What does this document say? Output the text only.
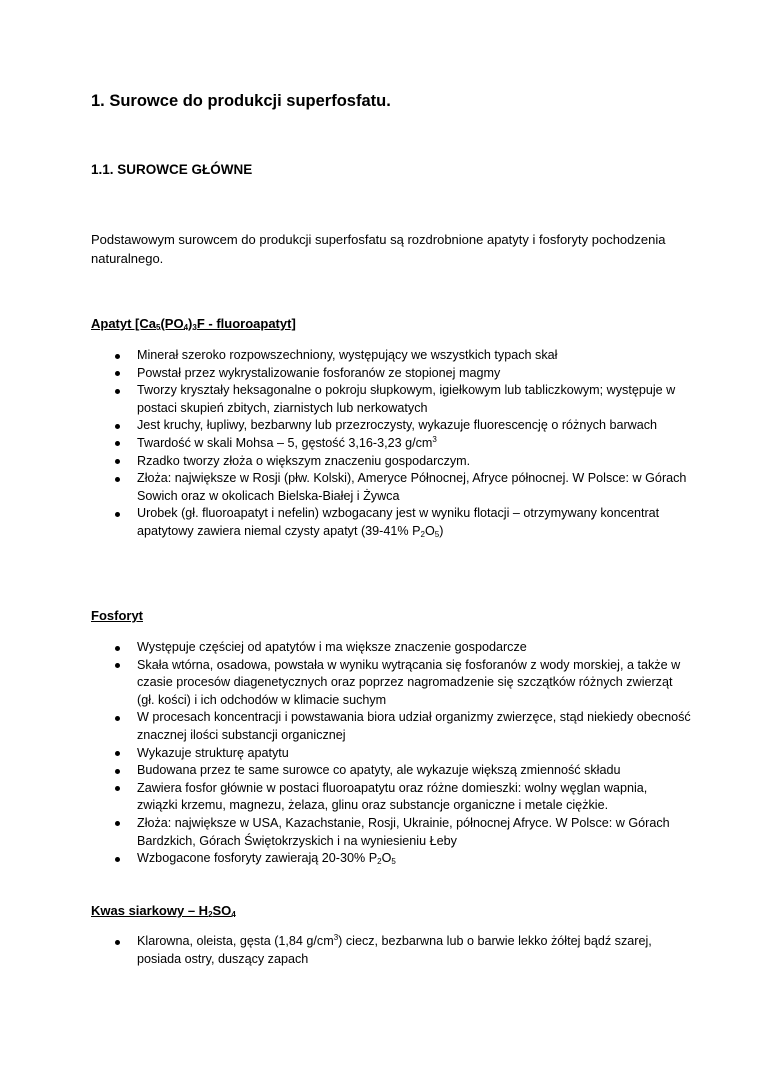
1. Surowce do produkcji superfosfatu.
1.1. SUROWCE GŁÓWNE
Podstawowym surowcem do produkcji superfosfatu są rozdrobnione apatyty i fosforyty pochodzenia naturalnego.
Apatyt [$Ca_5(PO_4)_3F$ - fluoroapatyt]
Minerał szeroko rozpowszechniony, występujący we wszystkich typach skał
Powstał przez wykrystalizowanie fosforanów ze stopionej magmy
Tworzy kryształy heksagonalne o pokroju słupkowym, igiełkowym lub tabliczkowym; występuje w postaci skupień zbitych, ziarnistych lub nerkowatych
Jest kruchy, łupliwy, bezbarwny lub przezroczysty, wykazuje fluorescencję o różnych barwach
Twardość w skali Mohsa – 5, gęstość 3,16-3,23 $g/cm^3$
Rzadko tworzy złoża o większym znaczeniu gospodarczym.
Złoża: największe w Rosji (płw. Kolski), Ameryce Północnej, Afryce północnej. W Polsce: w Górach Sowich oraz w okolicach Bielska-Białej i Żywca
Urobek (gł. fluoroapatyt i nefelin) wzbogacany jest w wyniku flotacji – otrzymywany koncentrat apatytowy zawiera niemal czysty apatyt (39-41% $P_2O_5$)
Fosforyt
Występuje częściej od apatytów i ma większe znaczenie gospodarcze
Skała wtórna, osadowa, powstała w wyniku wytrącania się fosforanów z wody morskiej, a także w czasie procesów diagenetycznych oraz poprzez nagromadzenie się szczątków różnych zwierząt (gł. kości) i ich odchodów w klimacie suchym
W procesach koncentracji i powstawania biora udział organizmy zwierzęce, stąd niekiedy obecność znacznej ilości substancji organicznej
Wykazuje strukturę apatytu
Budowana przez te same surowce co apatyty, ale wykazuje większą zmienność składu
Zawiera fosfor głównie w postaci fluoroapatytu oraz różne domieszki: wolny węglan wapnia, związki krzemu, magnezu, żelaza, glinu oraz substancje organiczne i metale ciężkie.
Złoża: największe w USA, Kazachstanie, Rosji, Ukrainie, północnej Afryce. W Polsce: w Górach Bardzkich, Górach Świętokrzyskich i na wyniesieniu Łeby
Wzbogacone fosforyty zawierają 20-30% $P_2O_5$
Kwas siarkowy – $H_2SO_4$
Klarowna, oleista, gęsta (1,84 $g/cm^3$) ciecz, bezbarwna lub o barwie lekko żółtej bądź szarej, posiada ostry, duszący zapach
